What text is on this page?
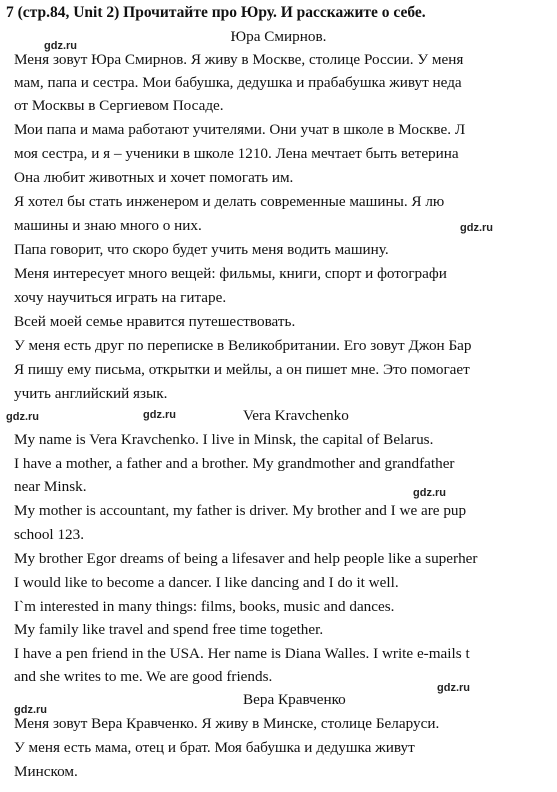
7 (стр.84, Unit 2) Прочитайте про Юру. И расскажите о себе.
gdz.ru
Юра Смирнов.
Меня зовут Юра Смирнов. Я живу в Москве, столице России. У меня
мам, папа и сестра. Мои бабушка, дедушка и прабабушка живут неда
от Москвы в Сергиевом Посаде.
Мои папа и мама работают учителями. Они учат в школе в Москве. Л
моя сестра, и я – ученики в школе 1210. Лена мечтает быть ветерина
Она любит животных и хочет помогать им.
Я хотел бы стать инженером и делать современные машины. Я лю
машины и знаю много о них.	gdz.ru
Папа говорит, что скоро будет учить меня водить машину.
Меня интересует много вещей: фильмы, книги, спорт и фотографи
хочу научиться играть на гитаре.
Всей моей семье нравится путешествовать.
У меня есть друг по переписке в Великобритании. Его зовут Джон Бар
Я пишу ему письма, открытки и мейлы, а он пишет мне. Это помогает
учить английский язык.
gdz.ru	gdz.ru	Vera Kravchenko
My name is Vera Kravchenko. I live in Minsk, the capital of Belarus.
I have a mother, a father and a brother. My grandmother and grandfather
near Minsk.	gdz.ru
My mother is accountant, my father is driver. My brother and I we are pup
school 123.
My brother Egor dreams of being a lifesaver and help people like a superher
I would like to become a dancer. I like dancing and I do it well.
I`m interested in many things: films, books, music and dances.
My family like travel and spend free time together.
I have a pen friend in the USA. Her name is Diana Walles. I write e-mails t
and she writes to me. We are good friends.
gdz.ru
Вера Кравченко
gdz.ru
Меня зовут Вера Кравченко. Я живу в Минске, столице Беларуси.
У меня есть мама, отец и брат. Моя бабушка и дедушка живут
Минском.
